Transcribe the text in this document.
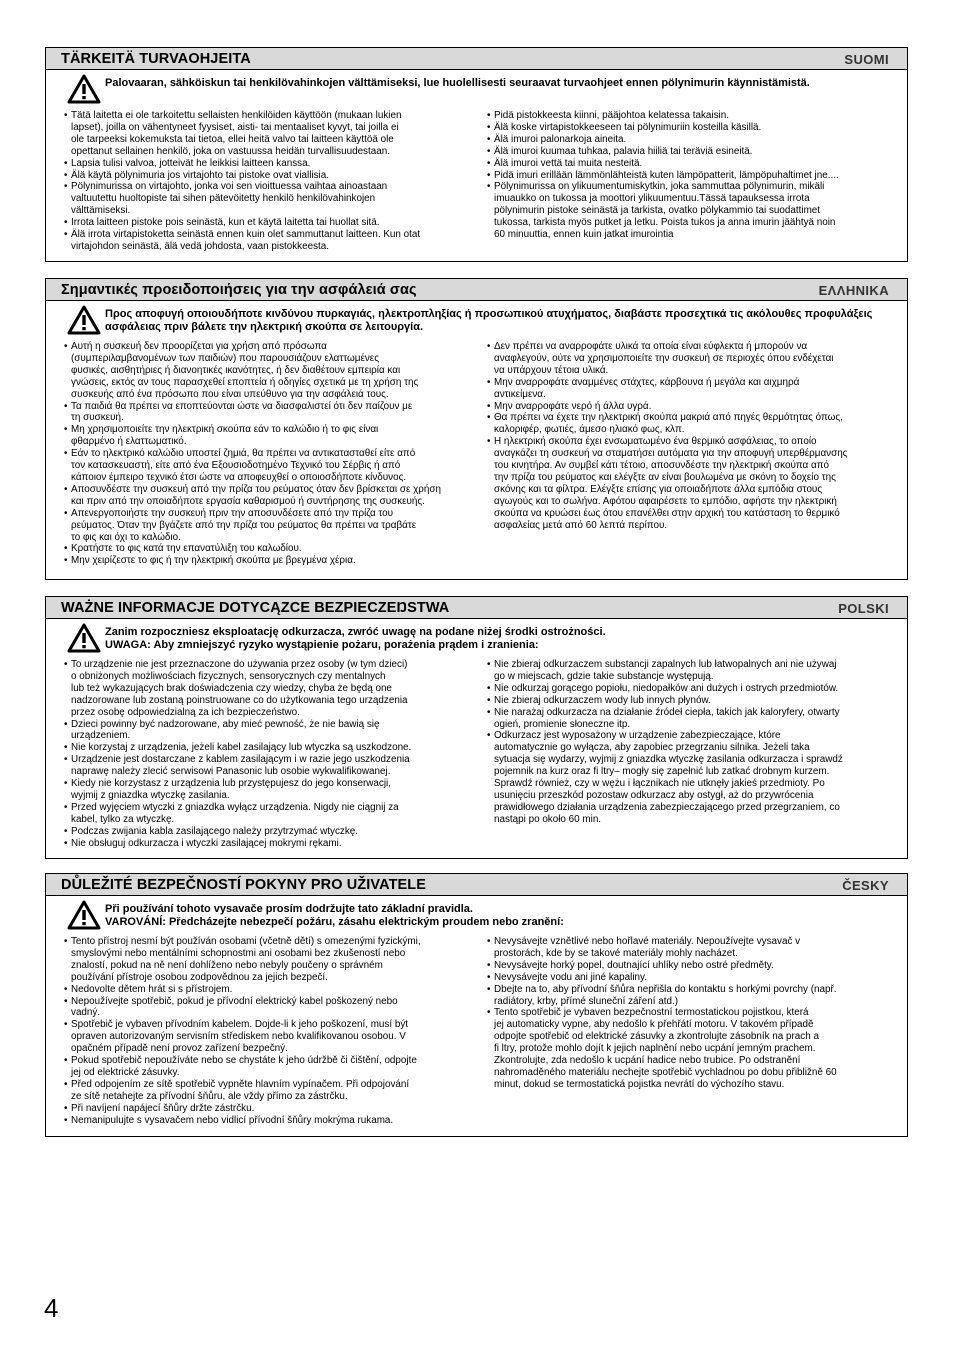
TÄRKEITÄ TURVAOHJEITA	SUOMI
Palovaaran, sähköiskun tai henkilövahinkojen välttämiseksi, lue huolellisesti seuraavat turvaohjeet ennen pölynimurin käynnistämistä.
• Tätä laitetta ei ole tarkoitettu sellaisten henkilöiden käyttöön (mukaan lukien
lapset), joilla on vähentyneet fyysiset, aisti- tai mentaaliset kyvyt, tai joilla ei
ole tarpeeksi kokemuksta tai tietoa, ellei heitä valvo tai laitteen käyttöä ole
opettanut sellainen henkilö, joka on vastuussa heidän turvallisuudestaan.
• Lapsia tulisi valvoa, jotteivät he leikkisi laitteen kanssa.
• Älä käytä pölynimuria jos virtajohto tai pistoke ovat viallisia.
• Pölynimurissa on virtajohto, jonka voi sen vioittuessa vaihtaa ainoastaan
valtuutettu huoltopiste tai sihen pätevöitetty henkilö henkilövahinkojen
välttämiseksi.
• Irrota laitteen pistoke pois seinästä, kun et käytä laitetta tai huollat sitä.
• Älä irrota virtapistoketta seinästä ennen kuin olet sammuttanut laitteen. Kun otat
virtajohdon seinästä, älä vedä johdosta, vaan pistokkeesta.
• Pidä pistokkeesta kiinni, pääjohtoa kelatessa takaisin.
• Älä koske virtapistokkeeseen tai pölynimuriin kosteilla käsillä.
• Älä imuroi palonarkoja aineita.
• Älä imuroi kuumaa tuhkaa, palavia hiiliä tai teräviä esineitä.
• Älä imuroi vettä tai muita nesteitä.
• Pidä imuri erillään lämmönlähteistä kuten lämpöpatterit, lämpöpuhaltimet jne....
• Pölynimurissa on ylikuumentumiskytkin, joka sammuttaa pölynimurin, mikäli
imuaukko on tukossa ja moottori ylikuumentuu.Tässä tapauksessa irrota
pölynimurin pistoke seinästä ja tarkista, ovatko pölykammio tai suodattimet
tukossa, tarkista myös putket ja letku. Poista tukos ja anna imurin jäähtyä noin
60 minuuttia, ennen kuin jatkat imurointia
Σημαντικές προειδοποιήσεις για την ασφάλειά σας	ΕΛΛΗΝΙΚΑ
Προς αποφυγή οποιουδήποτε κινδύνου πυρκαγιάς, ηλεκτροπληξίας ή προσωπικού ατυχήματος, διαβάστε προσεχτικά τις ακόλουθες προφυλάξεις ασφάλειας πριν βάλετε την ηλεκτρική σκούπα σε λειτουργία.
• Αυτή η συσκευή δεν προορίζεται για χρήση από πρόσωπα
(συμπεριλαμβανομένων των παιδιών) που παρουσιάζουν ελαττωμένες
φυσικές, αισθητήριες ή διανοητικές ικανότητες, ή δεν διαθέτουν εμπειρία και
γνώσεις, εκτός αν τους παρασχεθεί εποπτεία ή οδηγίες σχετικά με τη χρήση της
συσκευής από ένα πρόσωπο που είναι υπεύθυνο για την ασφάλειά τους.
• Τα παιδιά θα πρέπει να εποπτεύονται ώστε να διασφαλιστεί ότι δεν παίζουν με
τη συσκευή.
• Μη χρησιμοποιείτε την ηλεκτρική σκούπα εάν το καλώδιο ή το φις είναι
φθαρμένο ή ελαττωματικό.
• Εάν το ηλεκτρικό καλώδιο υποστεί ζημιά, θα πρέπει να αντικατασταθεί είτε από
τον κατασκευαστή, είτε από ένα Εξουσιοδοτημένο Τεχνικό του Σέρβις ή από
κάποιον έμπειρο τεχνικό έτσι ώστε να αποφευχθεί ο οποιοσδήποτε κίνδυνος.
• Αποσυνδέστε την συσκευή από την πρίζα του ρεύματος όταν δεν βρίσκεται σε χρήση
και πριν από την οποιαδήποτε εργασία καθαρισμού ή συντήρησης της συσκευής.
• Απενεργοποιήστε την συσκευή πριν την αποσυνδέσετε από την πρίζα του
ρεύματος. Όταν την βγάζετε από την πρίζα του ρεύματος θα πρέπει να τραβάτε
το φις και όχι το καλώδιο.
• Κρατήστε το φις κατά την επανατύλιξη του καλωδίου.
• Μην χειρίζεστε το φις ή την ηλεκτρική σκούπα με βρεγμένα χέρια.
• Δεν πρέπει να αναρροφάτε υλικά τα οποία είναι εύφλεκτα ή μπορούν να
αναφλεγούν, ούτε να χρησιμοποιείτε την συσκευή σε περιοχές όπου ενδέχεται
να υπάρχουν τέτοια υλικά.
• Μην αναρροφάτε αναμμένες στάχτες, κάρβουνα ή μεγάλα και αιχμηρά
αντικείμενα.
• Μην αναρροφάτε νερό ή άλλα υγρά.
• Θα πρέπει να έχετε την ηλεκτρική σκούπα μακριά από πηγές θερμότητας όπως,
καλοριφέρ, φωτιές, άμεσο ηλιακό φως, κλπ.
• Η ηλεκτρική σκούπα έχει ενσωματωμένο ένα θερμικό ασφάλειας, το οποίο
αναγκάζει τη συσκευή να σταματήσει αυτόματα για την αποφυγή υπερθέρμανσης
του κινητήρα. Αν συμβεί κάτι τέτοιο, αποσυνδέστε την ηλεκτρική σκούπα από
την πρίζα του ρεύματος και ελέγξτε αν είναι βουλωμένα με σκόνη το δοχείο της
σκόνης και τα φίλτρα. Ελέγξτε επίσης για οποιαδήποτε άλλα εμπόδια στους
αγωγούς και το σωλήνα. Αφότου αφαιρέσετε το εμπόδιο, αφήστε την ηλεκτρική
σκούπα να κρυώσει έως ότου επανέλθει στην αρχική του κατάσταση το θερμικό
ασφαλείας μετά από 60 λεπτά περίπου.
WAŻNE INFORMACJE DOTYCĄZCE BEZPIECZEŊSTWA	POLSKI
Zanim rozpoczniesz eksploatację odkurzacza, zwróć uwagę na podane niżej środki ostrożności.
UWAGA: Aby zmniejszyć ryzyko wystąpienie pożaru, porażenia prądem i zranienia:
• To urządzenie nie jest przeznaczone do używania przez osoby (w tym dzieci)
o obniżonych możliwościach fizycznych, sensorycznych czy mentalnych
lub też wykazujących brak doświadczenia czy wiedzy, chyba że będą one
nadzorowane lub zostaną poinstruowane co do użytkowania tego urządzenia
przez osobę odpowiedzialną za ich bezpieczeństwo.
• Dzieci powinny być nadzorowane, aby mieć pewność, że nie bawią się
urządzeniem.
• Nie korzystaj z urządzenia, jeżeli kabel zasilający lub wtyczka są uszkodzone.
• Urządzenie jest dostarczane z kablem zasilającym i w razie jego uszkodzenia
naprawę należy zlecić serwisowi Panasonic lub osobie wykwalifikowanej.
• Kiedy nie korzystasz z urządzenia lub przystępujesz do jego konserwacji,
wyjmij z gniazdka wtyczkę zasilania.
• Przed wyjęciem wtyczki z gniazdka wyłącz urządzenia. Nigdy nie ciągnij za
kabel, tylko za wtyczkę.
• Podczas zwijania kabla zasilającego należy przytrzymać wtyczkę.
• Nie obsługuj odkurzacza i wtyczki zasilającej mokrymi rękami.
• Nie zbieraj odkurzaczem substancji zapalnych lub łatwopalnych ani nie używaj
go w miejscach, gdzie takie substancje występują.
• Nie odkurzaj gorącego popiołu, niedopałków ani dużych i ostrych przedmiotów.
• Nie zbieraj odkurzaczem wody lub innych płynów.
• Nie narażaj odkurzacza na działanie źródeł ciepła, takich jak kaloryfery, otwarty
ogień, promienie słoneczne itp.
• Odkurzacz jest wyposażony w urządzenie zabezpieczające, które
automatycznie go wyłącza, aby zapobiec przegrzaniu silnika. Jeżeli taka
sytuacja się wydarzy, wyjmij z gniazdka wtyczkę zasilania odkurzacza i sprawdź
pojemnik na kurz oraz fi ltry– mogły się zapełnić lub zatkać drobnym kurzem.
Sprawdź również, czy w wężu i łącznikach nie utknęły jakieś przedmioty. Po
usunięciu przeszkód pozostaw odkurzacz aby ostygł, aż do przywrócenia
prawidłowego działania urządzenia zabezpieczającego przed przegrzaniem, co
nastąpi po około 60 min.
DŮLEŽITÉ BEZPEČNOSTÍ POKYNY PRO UŽIVATELE	ČESKY
Při používání tohoto vysavače prosím dodržujte tato základní pravidla.
VAROVÁNÍ: Předcházejte nebezpečí požáru, zásahu elektrickým proudem nebo zranění:
• Tento přístroj nesmí být používán osobami (včetně dětí) s omezenými fyzickými,
smyslovými nebo mentálními schopnostmi ani osobami bez zkušeností nebo
znalostí, pokud na ně není dohlíženo nebo nebyly poučeny o správném
používání přístroje osobou zodpovědnou za jejich bezpečí.
• Nedovolte dětem hrát si s přístrojem.
• Nepoužívejte spotřebič, pokud je přívodní elektrický kabel poškozený nebo
vadný.
• Spotřebič je vybaven přívodním kabelem. Dojde-li k jeho poškození, musí být
opraven autorizovaným servisním střediskem nebo kvalifikovanou osobou. V
opačném případě není provoz zařízení bezpečný.
• Pokud spotřebič nepoužíváte nebo se chystáte k jeho údržbě či čištění, odpojte
jej od elektrické zásuvky.
• Před odpojením ze sítě spotřebič vypněte hlavním vypínačem. Při odpojování
ze sítě netahejte za přívodní šňůru, ale vždy přímo za zástrčku.
• Při navíjení napájecí šňůry držte zástrčku.
• Nemanipulujte s vysavačem nebo vidlicí přívodní šňůry mokrýma rukama.
• Nevysávejte vznětlivé nebo hořlavé materiály. Nepoužívejte vysavač v
prostorách, kde by se takové materiály mohly nacházet.
• Nevysávejte horký popel, doutnající uhlíky nebo ostré předměty.
• Nevysávejte vodu ani jiné kapaliny.
• Dbejte na to, aby přívodní šňůra nepřišla do kontaktu s horkými povrchy (např.
radiátory, krby, přímé sluneční záření atd.)
• Tento spotřebič je vybaven bezpečnostní termostatickou pojistkou, která
jej automaticky vypne, aby nedošlo k přehřátí motoru. V takovém případě
odpojte spotřebič od elektrické zásuvky a zkontrolujte zásobník na prach a
fi ltry, protože mohlo dojít k jejich naplnění nebo ucpání jemným prachem.
Zkontrolujte, zda nedošlo k ucpání hadice nebo trubice. Po odstranění
nahromaděného materiálu nechejte spotřebič vychladnou po dobu přibližně 60
minut, dokud se termostatická pojistka nevrátí do výchozího stavu.
4
